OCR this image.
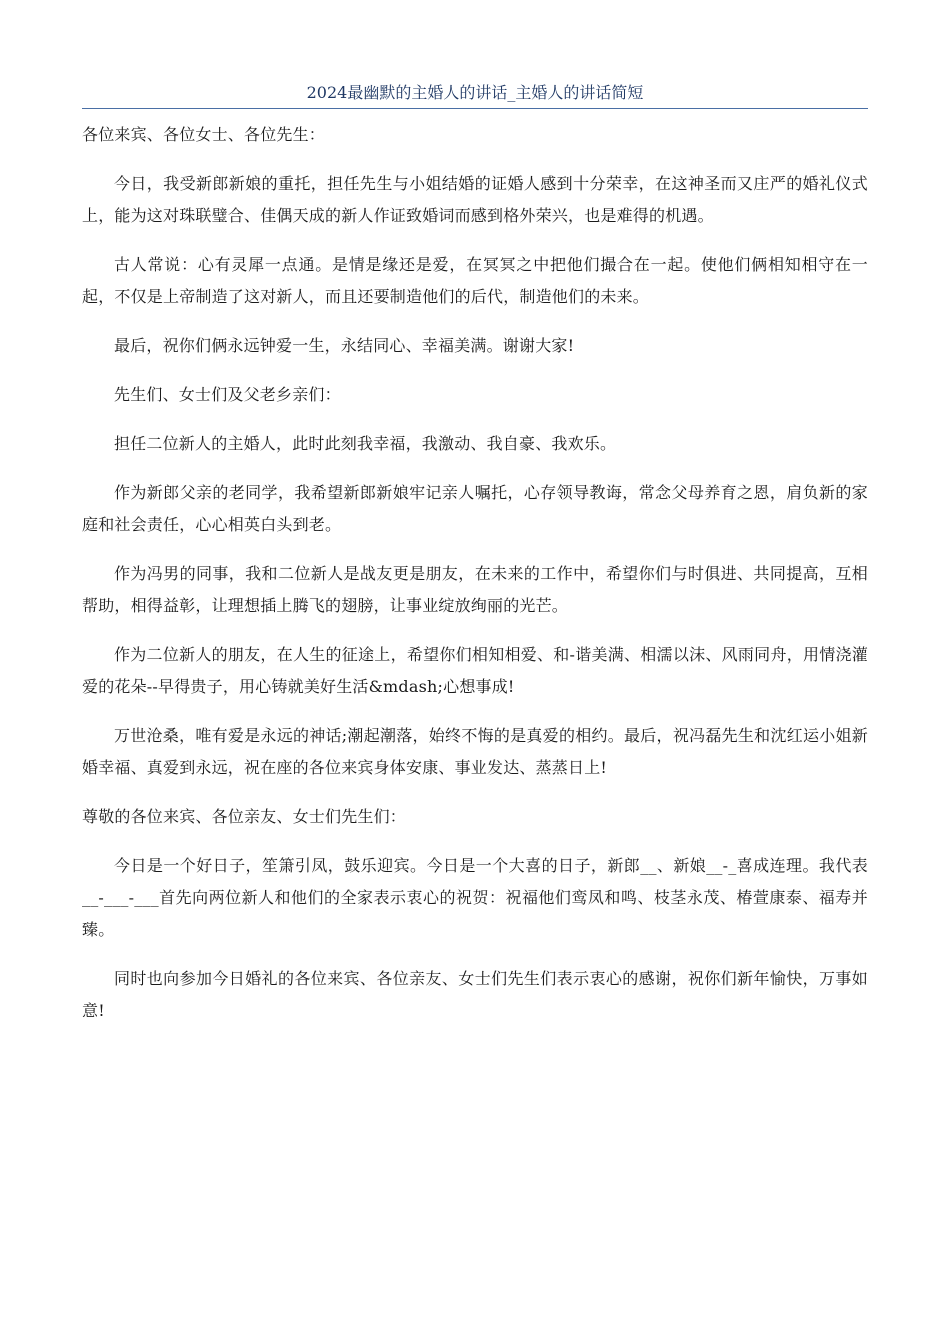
2024最幽默的主婚人的讲话_主婚人的讲话简短

各位来宾、各位女士、各位先生：

今日，我受新郎新娘的重托，担任先生与小姐结婚的证婚人感到十分荣幸，在这神圣而又庄严的婚礼仪式上，能为这对珠联璧合、佳偶天成的新人作证致婚词而感到格外荣兴，也是难得的机遇。

古人常说：心有灵犀一点通。是情是缘还是爱，在冥冥之中把他们撮合在一起。使他们俩相知相守在一起，不仅是上帝制造了这对新人，而且还要制造他们的后代，制造他们的未来。

最后，祝你们俩永远钟爱一生，永结同心、幸福美满。谢谢大家!

先生们、女士们及父老乡亲们：

担任二位新人的主婚人，此时此刻我幸福，我激动、我自豪、我欢乐。

作为新郎父亲的老同学，我希望新郎新娘牢记亲人嘱托，心存领导教诲，常念父母养育之恩，肩负新的家庭和社会责任，心心相英白头到老。

作为冯男的同事，我和二位新人是战友更是朋友，在未来的工作中，希望你们与时俱进、共同提高，互相帮助，相得益彰，让理想插上腾飞的翅膀，让事业绽放绚丽的光芒。

作为二位新人的朋友，在人生的征途上，希望你们相知相爱、和-谐美满、相濡以沫、风雨同舟，用情浇灌爱的花朵--早得贵子，用心铸就美好生活&mdash;心想事成!

万世沧桑，唯有爱是永远的神话;潮起潮落，始终不悔的是真爱的相约。最后，祝冯磊先生和沈红运小姐新婚幸福、真爱到永远，祝在座的各位来宾身体安康、事业发达、蒸蒸日上!

尊敬的各位来宾、各位亲友、女士们先生们：

今日是一个好日子，笙箫引凤，鼓乐迎宾。今日是一个大喜的日子，新郎__、新娘__-_喜成连理。我代表__-___-___首先向两位新人和他们的全家表示衷心的祝贺：祝福他们鸾凤和鸣、枝茎永茂、椿萱康泰、福寿并臻。

同时也向参加今日婚礼的各位来宾、各位亲友、女士们先生们表示衷心的感谢，祝你们新年愉快，万事如意!
